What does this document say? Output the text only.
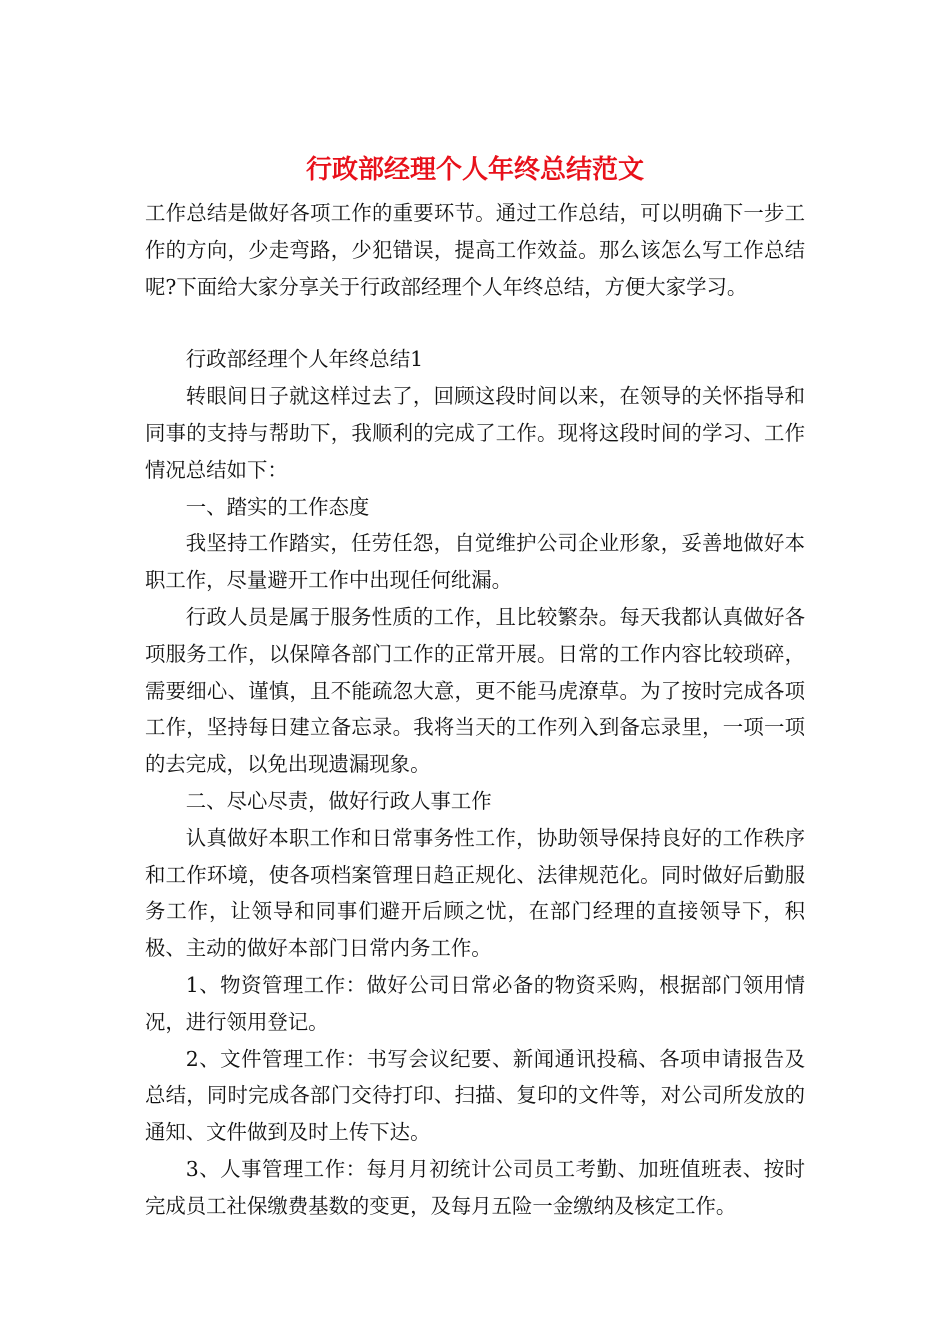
行政部经理个人年终总结范文

工作总结是做好各项工作的重要环节。通过工作总结，可以明确下一步工作的方向，少走弯路，少犯错误，提高工作效益。那么该怎么写工作总结呢?下面给大家分享关于行政部经理个人年终总结，方便大家学习。

行政部经理个人年终总结1

转眼间日子就这样过去了，回顾这段时间以来，在领导的关怀指导和同事的支持与帮助下，我顺利的完成了工作。现将这段时间的学习、工作情况总结如下：

一、踏实的工作态度

我坚持工作踏实，任劳任怨，自觉维护公司企业形象，妥善地做好本职工作，尽量避开工作中出现任何纰漏。

行政人员是属于服务性质的工作，且比较繁杂。每天我都认真做好各项服务工作，以保障各部门工作的正常开展。日常的工作内容比较琐碎，需要细心、谨慎，且不能疏忽大意，更不能马虎潦草。为了按时完成各项工作，坚持每日建立备忘录。我将当天的工作列入到备忘录里，一项一项的去完成，以免出现遗漏现象。

二、尽心尽责，做好行政人事工作

认真做好本职工作和日常事务性工作，协助领导保持良好的工作秩序和工作环境，使各项档案管理日趋正规化、法律规范化。同时做好后勤服务工作，让领导和同事们避开后顾之忧，在部门经理的直接领导下，积极、主动的做好本部门日常内务工作。

1、物资管理工作：做好公司日常必备的物资采购，根据部门领用情况，进行领用登记。

2、文件管理工作：书写会议纪要、新闻通讯投稿、各项申请报告及总结，同时完成各部门交待打印、扫描、复印的文件等，对公司所发放的通知、文件做到及时上传下达。

3、人事管理工作：每月月初统计公司员工考勤、加班值班表、按时完成员工社保缴费基数的变更，及每月五险一金缴纳及核定工作。
